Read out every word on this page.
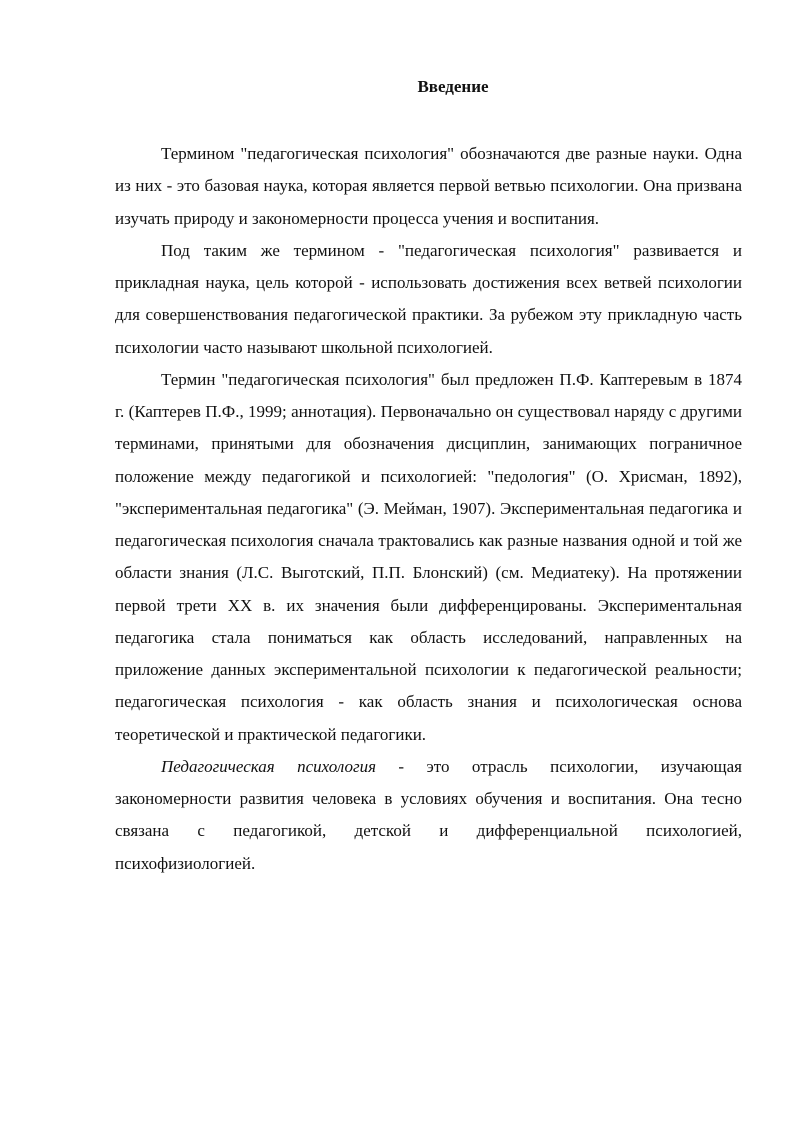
Введение

Термином "педагогическая психология" обозначаются две разные науки. Одна из них - это базовая наука, которая является первой ветвью психологии. Она призвана изучать природу и закономерности процесса учения и воспитания.

Под таким же термином - "педагогическая психология" развивается и прикладная наука, цель которой - использовать достижения всех ветвей психологии для совершенствования педагогической практики. За рубежом эту прикладную часть психологии часто называют школьной психологией.

Термин "педагогическая психология" был предложен П.Ф. Каптеревым в 1874 г. (Каптерев П.Ф., 1999; аннотация). Первоначально он существовал наряду с другими терминами, принятыми для обозначения дисциплин, занимающих пограничное положение между педагогикой и психологией: "педология" (О. Хрисман, 1892), "экспериментальная педагогика" (Э. Мейман, 1907). Экспериментальная педагогика и педагогическая психология сначала трактовались как разные названия одной и той же области знания (Л.С. Выготский, П.П. Блонский) (см. Медиатеку). На протяжении первой трети XX в. их значения были дифференцированы. Экспериментальная педагогика стала пониматься как область исследований, направленных на приложение данных экспериментальной психологии к педагогической реальности; педагогическая психология - как область знания и психологическая основа теоретической и практической педагогики.

Педагогическая психология - это отрасль психологии, изучающая закономерности развития человека в условиях обучения и воспитания. Она тесно связана с педагогикой, детской и дифференциальной психологией, психофизиологией.
